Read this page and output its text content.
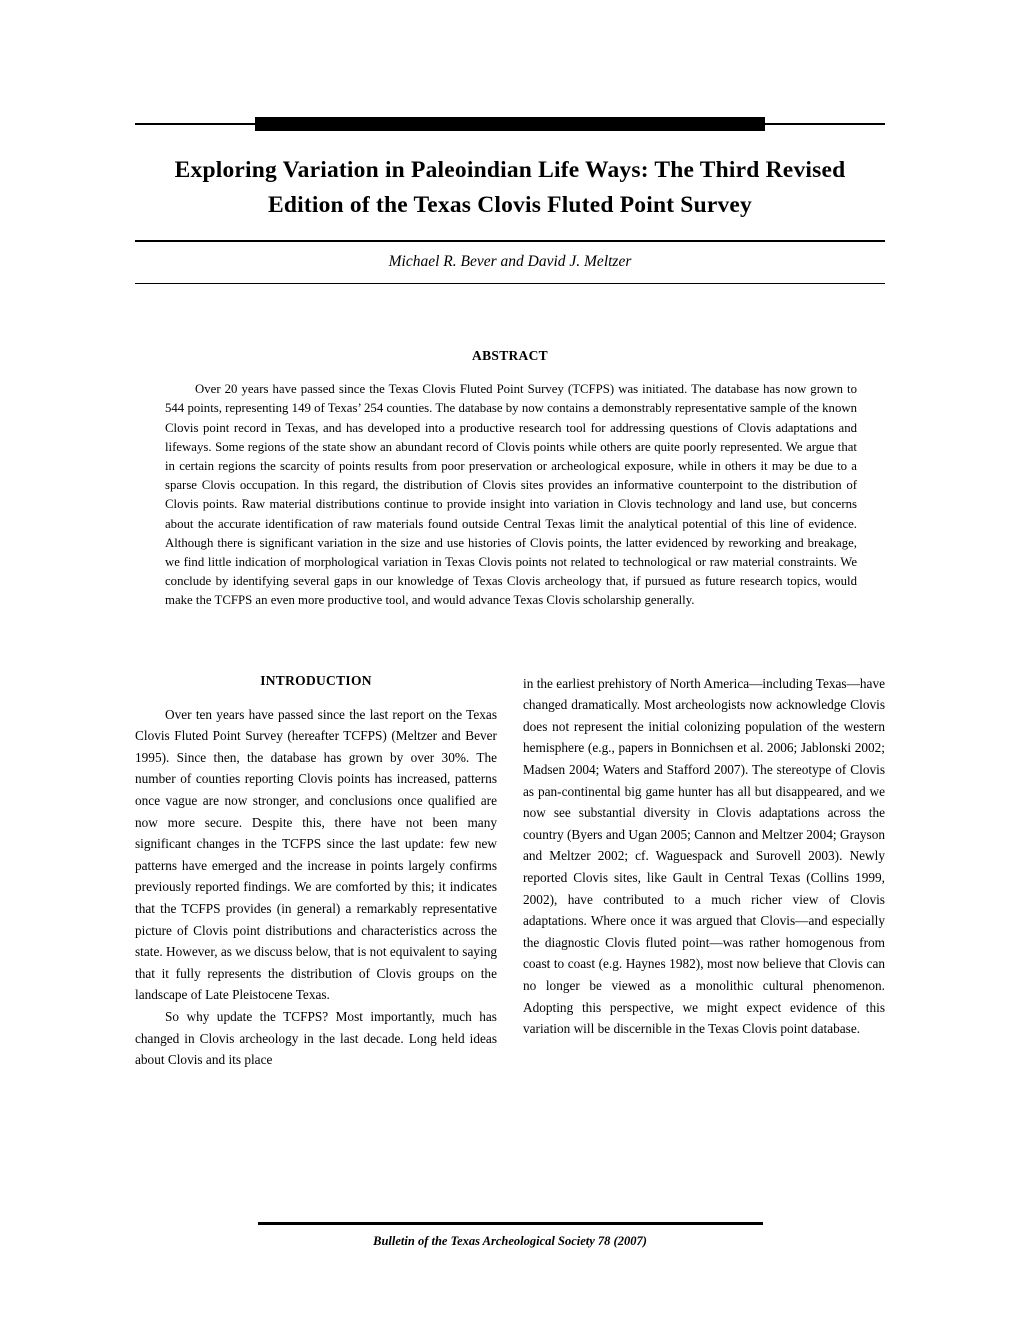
Exploring Variation in Paleoindian Life Ways: The Third Revised Edition of the Texas Clovis Fluted Point Survey
Michael R. Bever and David J. Meltzer
ABSTRACT

Over 20 years have passed since the Texas Clovis Fluted Point Survey (TCFPS) was initiated. The database has now grown to 544 points, representing 149 of Texas’ 254 counties. The database by now contains a demonstrably representative sample of the known Clovis point record in Texas, and has developed into a productive research tool for addressing questions of Clovis adaptations and lifeways. Some regions of the state show an abundant record of Clovis points while others are quite poorly represented. We argue that in certain regions the scarcity of points results from poor preservation or archeological exposure, while in others it may be due to a sparse Clovis occupation. In this regard, the distribution of Clovis sites provides an informative counterpoint to the distribution of Clovis points. Raw material distributions continue to provide insight into variation in Clovis technology and land use, but concerns about the accurate identification of raw materials found outside Central Texas limit the analytical potential of this line of evidence. Although there is significant variation in the size and use histories of Clovis points, the latter evidenced by reworking and breakage, we find little indication of morphological variation in Texas Clovis points not related to technological or raw material constraints. We conclude by identifying several gaps in our knowledge of Texas Clovis archeology that, if pursued as future research topics, would make the TCFPS an even more productive tool, and would advance Texas Clovis scholarship generally.

INTRODUCTION

Over ten years have passed since the last report on the Texas Clovis Fluted Point Survey (hereafter TCFPS) (Meltzer and Bever 1995). Since then, the database has grown by over 30%. The number of counties reporting Clovis points has increased, patterns once vague are now stronger, and conclusions once qualified are now more secure. Despite this, there have not been many significant changes in the TCFPS since the last update: few new patterns have emerged and the increase in points largely confirms previously reported findings. We are comforted by this; it indicates that the TCFPS provides (in general) a remarkably representative picture of Clovis point distributions and characteristics across the state. However, as we discuss below, that is not equivalent to saying that it fully represents the distribution of Clovis groups on the landscape of Late Pleistocene Texas.

So why update the TCFPS? Most importantly, much has changed in Clovis archeology in the last decade. Long held ideas about Clovis and its place

in the earliest prehistory of North America—including Texas—have changed dramatically. Most archeologists now acknowledge Clovis does not represent the initial colonizing population of the western hemisphere (e.g., papers in Bonnichsen et al. 2006; Jablonski 2002; Madsen 2004; Waters and Stafford 2007). The stereotype of Clovis as pan-continental big game hunter has all but disappeared, and we now see substantial diversity in Clovis adaptations across the country (Byers and Ugan 2005; Cannon and Meltzer 2004; Grayson and Meltzer 2002; cf. Waguespack and Surovell 2003). Newly reported Clovis sites, like Gault in Central Texas (Collins 1999, 2002), have contributed to a much richer view of Clovis adaptations. Where once it was argued that Clovis—and especially the diagnostic Clovis fluted point—was rather homogenous from coast to coast (e.g. Haynes 1982), most now believe that Clovis can no longer be viewed as a monolithic cultural phenomenon. Adopting this perspective, we might expect evidence of this variation will be discernible in the Texas Clovis point database.

Bulletin of the Texas Archeological Society 78 (2007)
